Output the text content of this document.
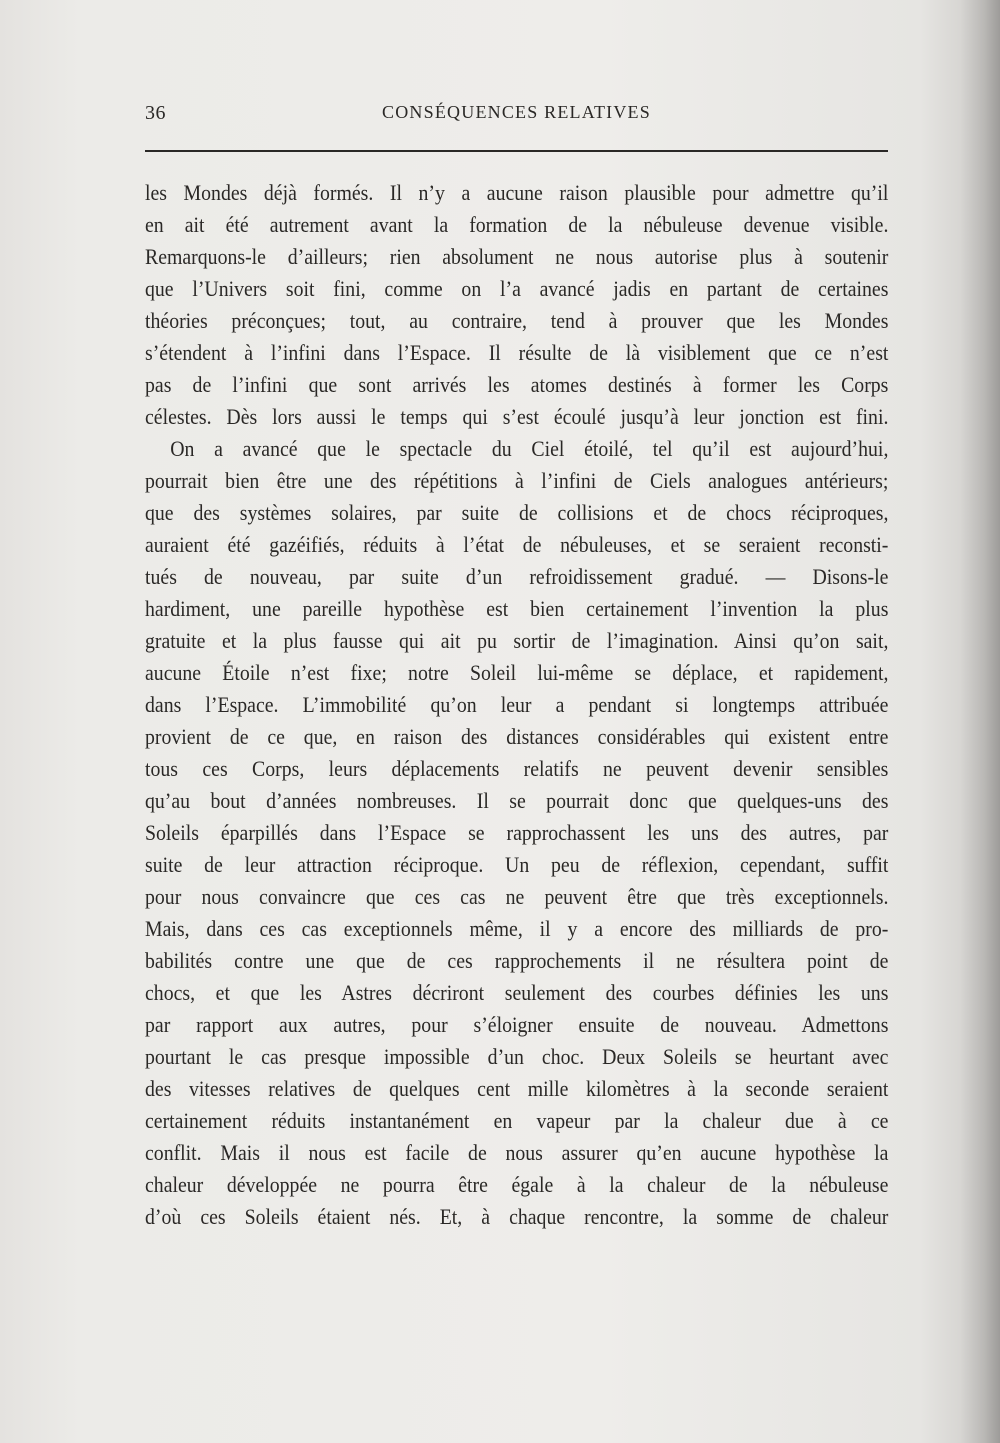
36	CONSÉQUENCES RELATIVES
les Mondes déjà formés. Il n’y a aucune raison plausible pour admettre qu’il
en ait été autrement avant la formation de la nébuleuse devenue visible.
Remarquons-le d’ailleurs; rien absolument ne nous autorise plus à soutenir
que l’Univers soit fini, comme on l’a avancé jadis en partant de certaines
théories préconçues; tout, au contraire, tend à prouver que les Mondes
s’étendent à l’infini dans l’Espace. Il résulte de là visiblement que ce n’est
pas de l’infini que sont arrivés les atomes destinés à former les Corps
célestes. Dès lors aussi le temps qui s’est écoulé jusqu’à leur jonction est fini.
On a avancé que le spectacle du Ciel étoilé, tel qu’il est aujourd’hui,
pourrait bien être une des répétitions à l’infini de Ciels analogues antérieurs;
que des systèmes solaires, par suite de collisions et de chocs réciproques,
auraient été gazéifiés, réduits à l’état de nébuleuses, et se seraient reconsti-
tués de nouveau, par suite d’un refroidissement gradué. — Disons-le
hardiment, une pareille hypothèse est bien certainement l’invention la plus
gratuite et la plus fausse qui ait pu sortir de l’imagination. Ainsi qu’on sait,
aucune Étoile n’est fixe; notre Soleil lui-même se déplace, et rapidement,
dans l’Espace. L’immobilité qu’on leur a pendant si longtemps attribuée
provient de ce que, en raison des distances considérables qui existent entre
tous ces Corps, leurs déplacements relatifs ne peuvent devenir sensibles
qu’au bout d’années nombreuses. Il se pourrait donc que quelques-uns des
Soleils éparpillés dans l’Espace se rapprochassent les uns des autres, par
suite de leur attraction réciproque. Un peu de réflexion, cependant, suffit
pour nous convaincre que ces cas ne peuvent être que très exceptionnels.
Mais, dans ces cas exceptionnels même, il y a encore des milliards de pro-
babilités contre une que de ces rapprochements il ne résultera point de
chocs, et que les Astres décriront seulement des courbes définies les uns
par rapport aux autres, pour s’éloigner ensuite de nouveau. Admettons
pourtant le cas presque impossible d’un choc. Deux Soleils se heurtant avec
des vitesses relatives de quelques cent mille kilomètres à la seconde seraient
certainement réduits instantanément en vapeur par la chaleur due à ce
conflit. Mais il nous est facile de nous assurer qu’en aucune hypothèse la
chaleur développée ne pourra être égale à la chaleur de la nébuleuse
d’où ces Soleils étaient nés. Et, à chaque rencontre, la somme de chaleur
